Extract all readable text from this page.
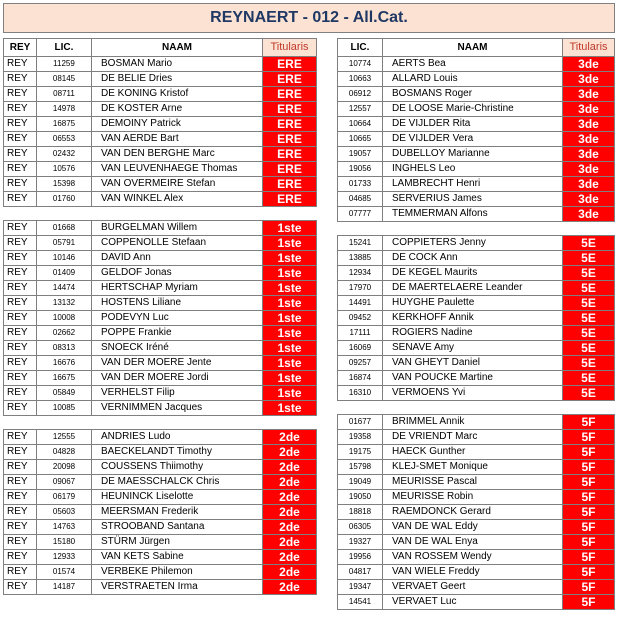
REYNAERT - 012 - All.Cat.
REY	LIC.	NAAM	Titularis
REY	11259	BOSMAN Mario	ERE
REY	08145	DE BELIE Dries	ERE
REY	08711	DE KONING Kristof	ERE
REY	14978	DE KOSTER Arne	ERE
REY	16875	DEMOINY Patrick	ERE
REY	06553	VAN AERDE Bart	ERE
REY	02432	VAN DEN BERGHE Marc	ERE
REY	10576	VAN LEUVENHAEGE Thomas	ERE
REY	15398	VAN OVERMEIRE Stefan	ERE
REY	01760	VAN WINKEL Alex	ERE

REY	01668	BURGELMAN Willem	1ste
REY	05791	COPPENOLLE Stefaan	1ste
REY	10146	DAVID Ann	1ste
REY	01409	GELDOF Jonas	1ste
REY	14474	HERTSCHAP Myriam	1ste
REY	13132	HOSTENS Liliane	1ste
REY	10008	PODEVYN Luc	1ste
REY	02662	POPPE Frankie	1ste
REY	08313	SNOECK Iréné	1ste
REY	16676	VAN DER MOERE Jente	1ste
REY	16675	VAN DER MOERE Jordi	1ste
REY	05849	VERHELST Filip	1ste
REY	10085	VERNIMMEN Jacques	1ste

REY	12555	ANDRIES Ludo	2de
REY	04828	BAECKELANDT Timothy	2de
REY	20098	COUSSENS Thiimothy	2de
REY	09067	DE MAESSCHALCK Chris	2de
REY	06179	HEUNINCK Liselotte	2de
REY	05603	MEERSMAN Frederik	2de
REY	14763	STROOBAND Santana	2de
REY	15180	STÜRM Jürgen	2de
REY	12933	VAN KETS Sabine	2de
REY	01574	VERBEKE Philemon	2de
REY	14187	VERSTRAETEN Irma	2de
LIC.	NAAM	Titularis
10774	AERTS Bea	3de
10663	ALLARD Louis	3de
06912	BOSMANS Roger	3de
12557	DE LOOSE Marie-Christine	3de
10664	DE VIJLDER Rita	3de
10665	DE VIJLDER Vera	3de
19057	DUBELLOY Marianne	3de
19056	INGHELS Leo	3de
01733	LAMBRECHT Henri	3de
04685	SERVERIUS James	3de
07777	TEMMERMAN Alfons	3de

15241	COPPIETERS Jenny	5E
13885	DE COCK Ann	5E
12934	DE KEGEL Maurits	5E
17970	DE MAERTELAERE Leander	5E
14491	HUYGHE Paulette	5E
09452	KERKHOFF Annik	5E
17111	ROGIERS Nadine	5E
16069	SENAVE Amy	5E
09257	VAN GHEYT Daniel	5E
16874	VAN POUCKE Martine	5E
16310	VERMOENS Yvi	5E

01677	BRIMMEL Annik	5F
19358	DE VRIENDT Marc	5F
19175	HAECK Gunther	5F
15798	KLEJ-SMET Monique	5F
19049	MEURISSE Pascal	5F
19050	MEURISSE Robin	5F
18818	RAEMDONCK Gerard	5F
06305	VAN DE WAL Eddy	5F
19327	VAN DE WAL Enya	5F
19956	VAN ROSSEM Wendy	5F
04817	VAN WIELE Freddy	5F
19347	VERVAET Geert	5F
14541	VERVAET Luc	5F
